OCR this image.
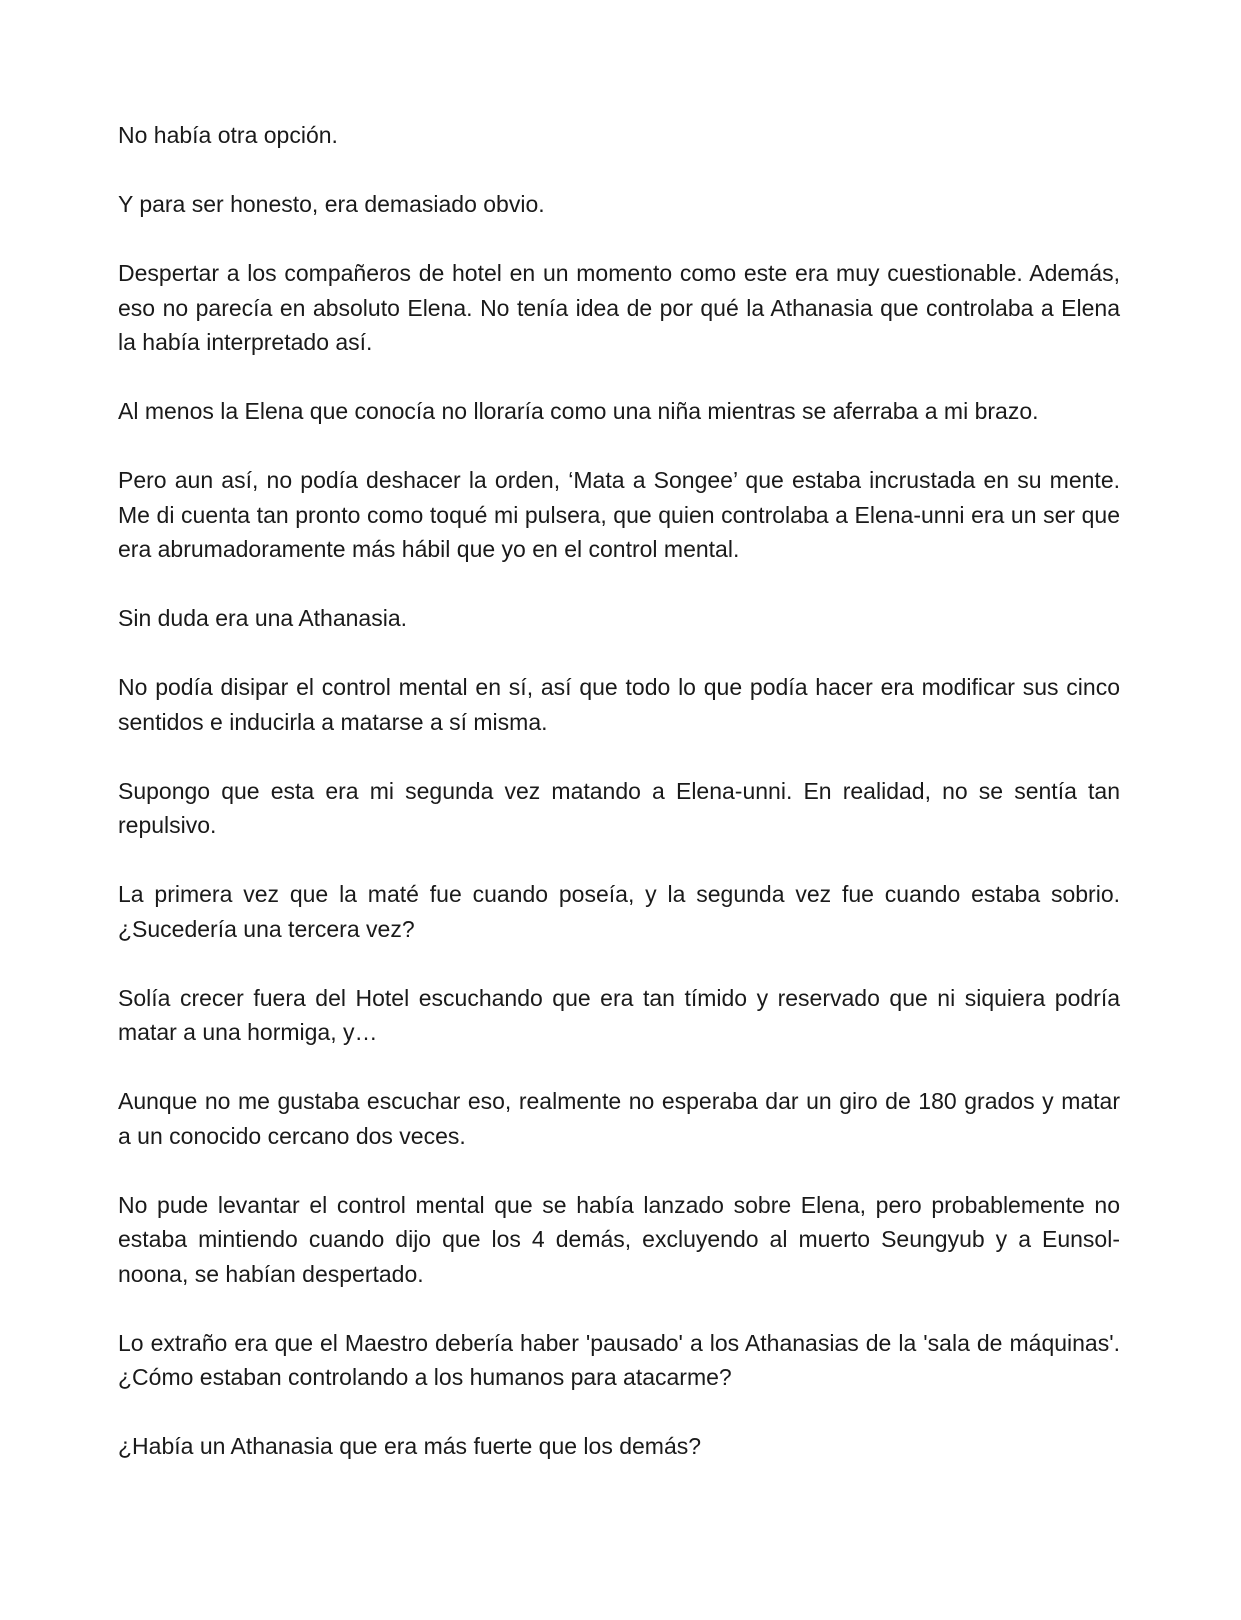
No había otra opción.

Y para ser honesto, era demasiado obvio.

Despertar a los compañeros de hotel en un momento como este era muy cuestionable. Además, eso no parecía en absoluto Elena. No tenía idea de por qué la Athanasia que controlaba a Elena la había interpretado así.

Al menos la Elena que conocía no lloraría como una niña mientras se aferraba a mi brazo.

Pero aun así, no podía deshacer la orden, ‘Mata a Songee’ que estaba incrustada en su mente. Me di cuenta tan pronto como toqué mi pulsera, que quien controlaba a Elena-unni era un ser que era abrumadoramente más hábil que yo en el control mental.

Sin duda era una Athanasia.

No podía disipar el control mental en sí, así que todo lo que podía hacer era modificar sus cinco sentidos e inducirla a matarse a sí misma.

Supongo que esta era mi segunda vez matando a Elena-unni. En realidad, no se sentía tan repulsivo.

La primera vez que la maté fue cuando poseía, y la segunda vez fue cuando estaba sobrio. ¿Sucedería una tercera vez?

Solía crecer fuera del Hotel escuchando que era tan tímido y reservado que ni siquiera podría matar a una hormiga, y…

Aunque no me gustaba escuchar eso, realmente no esperaba dar un giro de 180 grados y matar a un conocido cercano dos veces.

No pude levantar el control mental que se había lanzado sobre Elena, pero probablemente no estaba mintiendo cuando dijo que los 4 demás, excluyendo al muerto Seungyub y a Eunsol-noona, se habían despertado.

Lo extraño era que el Maestro debería haber 'pausado' a los Athanasias de la 'sala de máquinas'. ¿Cómo estaban controlando a los humanos para atacarme?

¿Había un Athanasia que era más fuerte que los demás?
